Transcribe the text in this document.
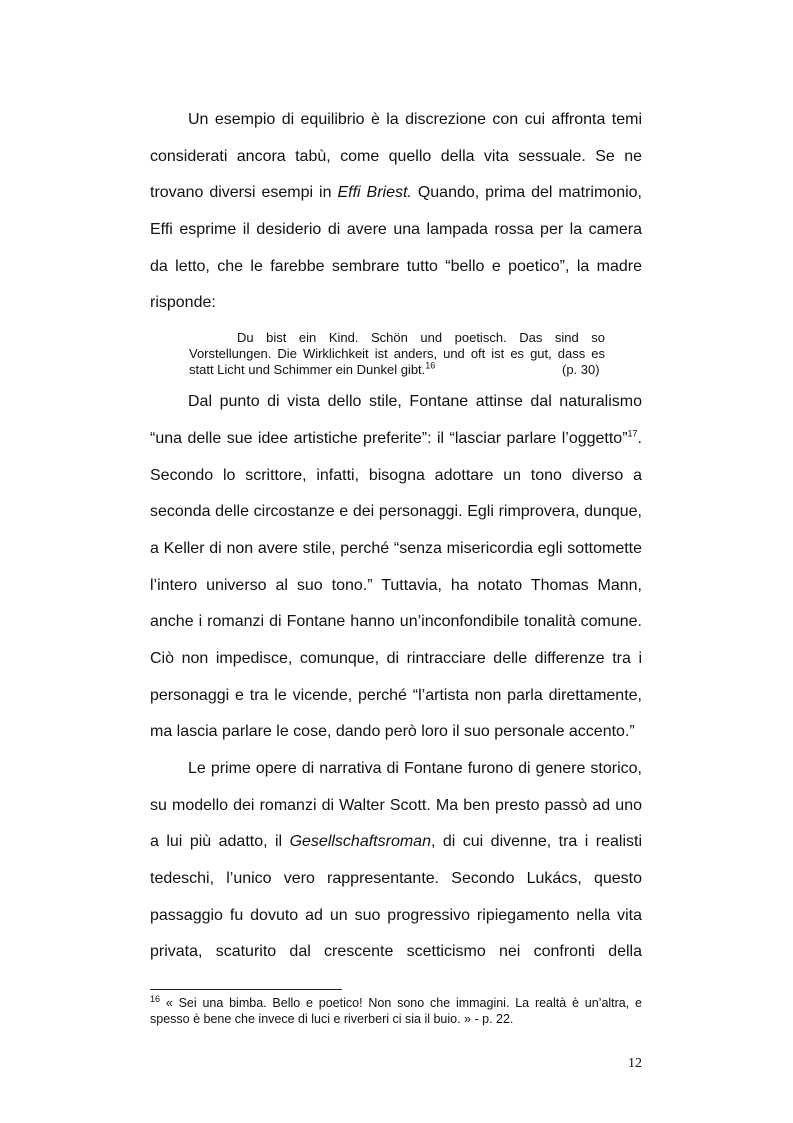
Un esempio di equilibrio è la discrezione con cui affronta temi
considerati ancora tabù, come quello della vita sessuale. Se ne
trovano diversi esempi in Effi Briest. Quando, prima del matrimonio,
Effi esprime il desiderio di avere una lampada rossa per la camera
da letto, che le farebbe sembrare tutto “bello e poetico”, la madre
risponde:
Du bist ein Kind. Schön und poetisch. Das sind so
Vorstellungen. Die Wirklichkeit ist anders, und oft ist es gut, dass es
statt Licht und Schimmer ein Dunkel gibt.$^{16}$	(p. 30)
Dal punto di vista dello stile, Fontane attinse dal naturalismo
“una delle sue idee artistiche preferite”: il “lasciar parlare l’oggetto”$^{17}$.
Secondo lo scrittore, infatti, bisogna adottare un tono diverso a
seconda delle circostanze e dei personaggi. Egli rimprovera, dunque,
a Keller di non avere stile, perché “senza misericordia egli sottomette
l’intero universo al suo tono.” Tuttavia, ha notato Thomas Mann,
anche i romanzi di Fontane hanno un’inconfondibile tonalità comune.
Ciò non impedisce, comunque, di rintracciare delle differenze tra i
personaggi e tra le vicende, perché “l’artista non parla direttamente,
ma lascia parlare le cose, dando però loro il suo personale accento.”
Le prime opere di narrativa di Fontane furono di genere storico,
su modello dei romanzi di Walter Scott. Ma ben presto passò ad uno
a lui più adatto, il Gesellschaftsroman, di cui divenne, tra i realisti
tedeschi, l’unico vero rappresentante. Secondo Lukács, questo
passaggio fu dovuto ad un suo progressivo ripiegamento nella vita
privata, scaturito dal crescente scetticismo nei confronti della
$^{16}$ « Sei una bimba. Bello e poetico! Non sono che immagini. La realtà è un’altra, e
spesso è bene che invece di luci e riverberi ci sia il buio. » - p. 22.
12
